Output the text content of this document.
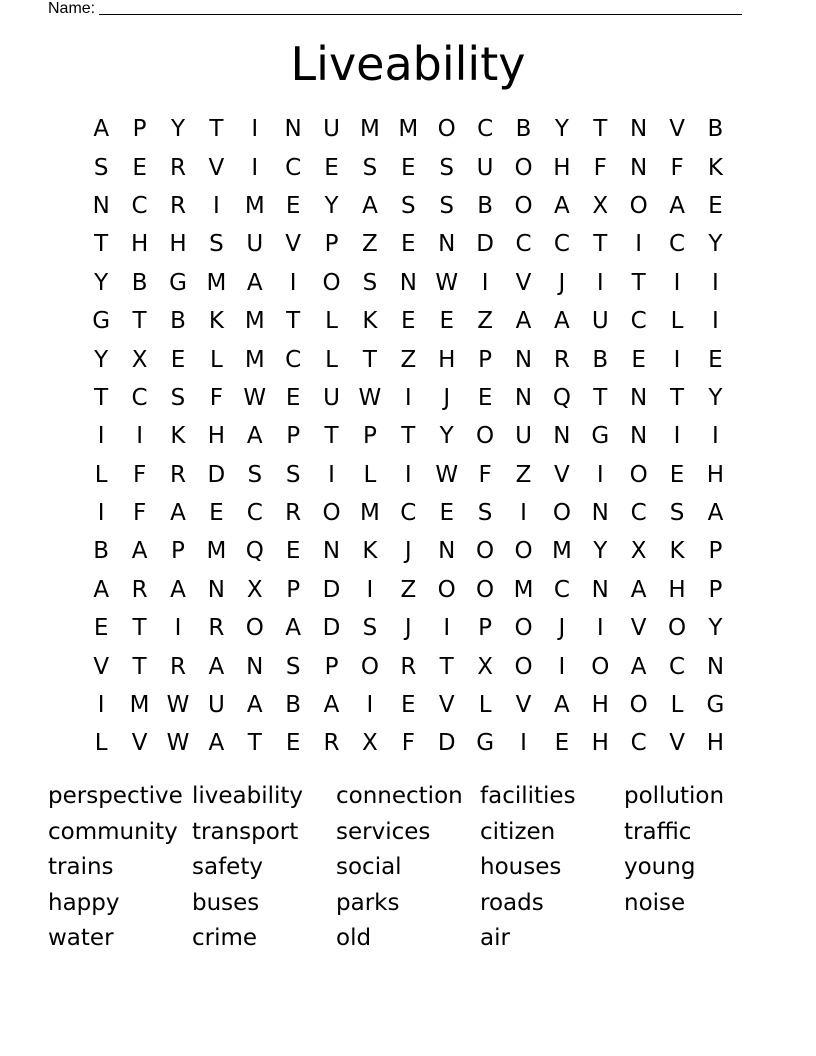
Name:
Liveability
A	P	Y	T	I	N U M M O C B	Y	T N V B
S	E	R V	I	C	E	S	E	S U O H	F	N	F	K
N C R	I	M E	Y	A	S	S	B O A X O A	E
T H H S U V	P	Z	E N D C C	T	I	C	Y
Y	B G M A	I	O S N W	I	V	J	I	T	I	I
G T	B K M T	L	K	E	E	Z A A U C	L	I
Y	X	E	L M C	L	T	Z H P N R B	E	I	E
T	C	S	F W E U W	I	J	E N Q T N T	Y
I	I	K H A	P	T	P	T	Y O U N G N	I	I
L	F	R D S	S	I	L	I	W F	Z V	I	O E H
I	F	A	E	C R O M C	E	S	I	O N C	S	A
B A	P M Q E N K	J	N O O M Y	X K	P
A R A N X	P D	I	Z O O M C N A H P
E	T	I	R O A D S	J	I	P O	J	I	V O Y
V	T	R A N S	P O R	T	X O	I	O A C N
I	M W U A B A	I	E	V	L	V A H O L	G
L	V W A	T	E	R X	F D G	I	E H C V H
perspective liveability	connection facilities	pollution
community transport	services	citizen	traffic
trains	safety	social	houses	young
happy	buses	parks	roads	noise
water	crime	old	air
